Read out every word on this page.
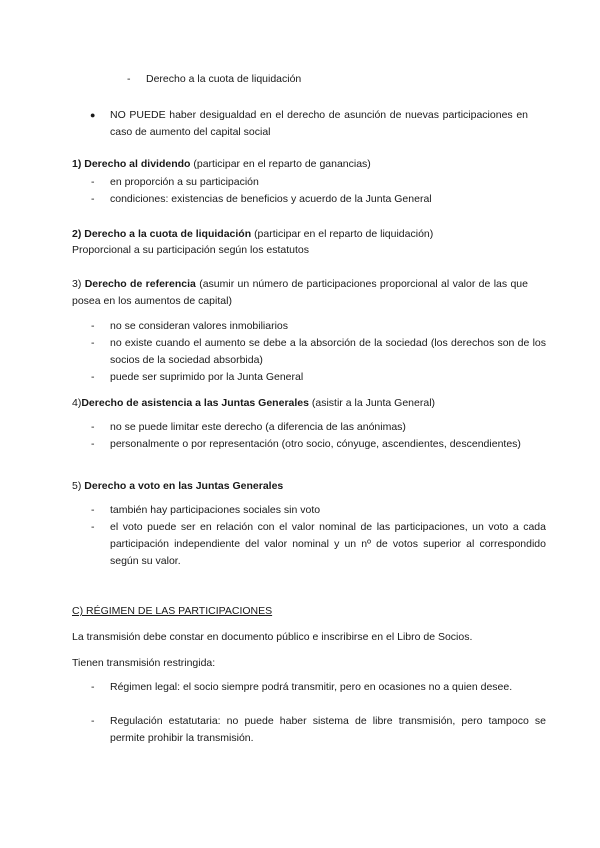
- Derecho a la cuota de liquidación
● NO PUEDE haber desigualdad en el derecho de asunción de nuevas participaciones en caso de aumento del capital social
1) Derecho al dividendo (participar en el reparto de ganancias)
- en proporción a su participación
- condiciones: existencias de beneficios y acuerdo de la Junta General
2) Derecho a la cuota de liquidación (participar en el reparto de liquidación)
Proporcional a su participación según los estatutos
3) Derecho de referencia (asumir un número de participaciones proporcional al valor de las que posea en los aumentos de capital)
- no se consideran valores inmobiliarios
- no existe cuando el aumento se debe a la absorción de la sociedad (los derechos son de los socios de la sociedad absorbida)
- puede ser suprimido por la Junta General
4)Derecho de asistencia a las Juntas Generales (asistir a la Junta General)
- no se puede limitar este derecho (a diferencia de las anónimas)
- personalmente o por representación (otro socio, cónyuge, ascendientes, descendientes)
5) Derecho a voto en las Juntas Generales
- también hay participaciones sociales sin voto
- el voto puede ser en relación con el valor nominal de las participaciones, un voto a cada participación independiente del valor nominal y un nº de votos superior al correspondido según su valor.
C) RÉGIMEN DE LAS PARTICIPACIONES
La transmisión debe constar en documento público e inscribirse en el Libro de Socios.
Tienen transmisión restringida:
- Régimen legal: el socio siempre podrá transmitir, pero en ocasiones no a quien desee.
- Regulación estatutaria: no puede haber sistema de libre transmisión, pero tampoco se permite prohibir la transmisión.
